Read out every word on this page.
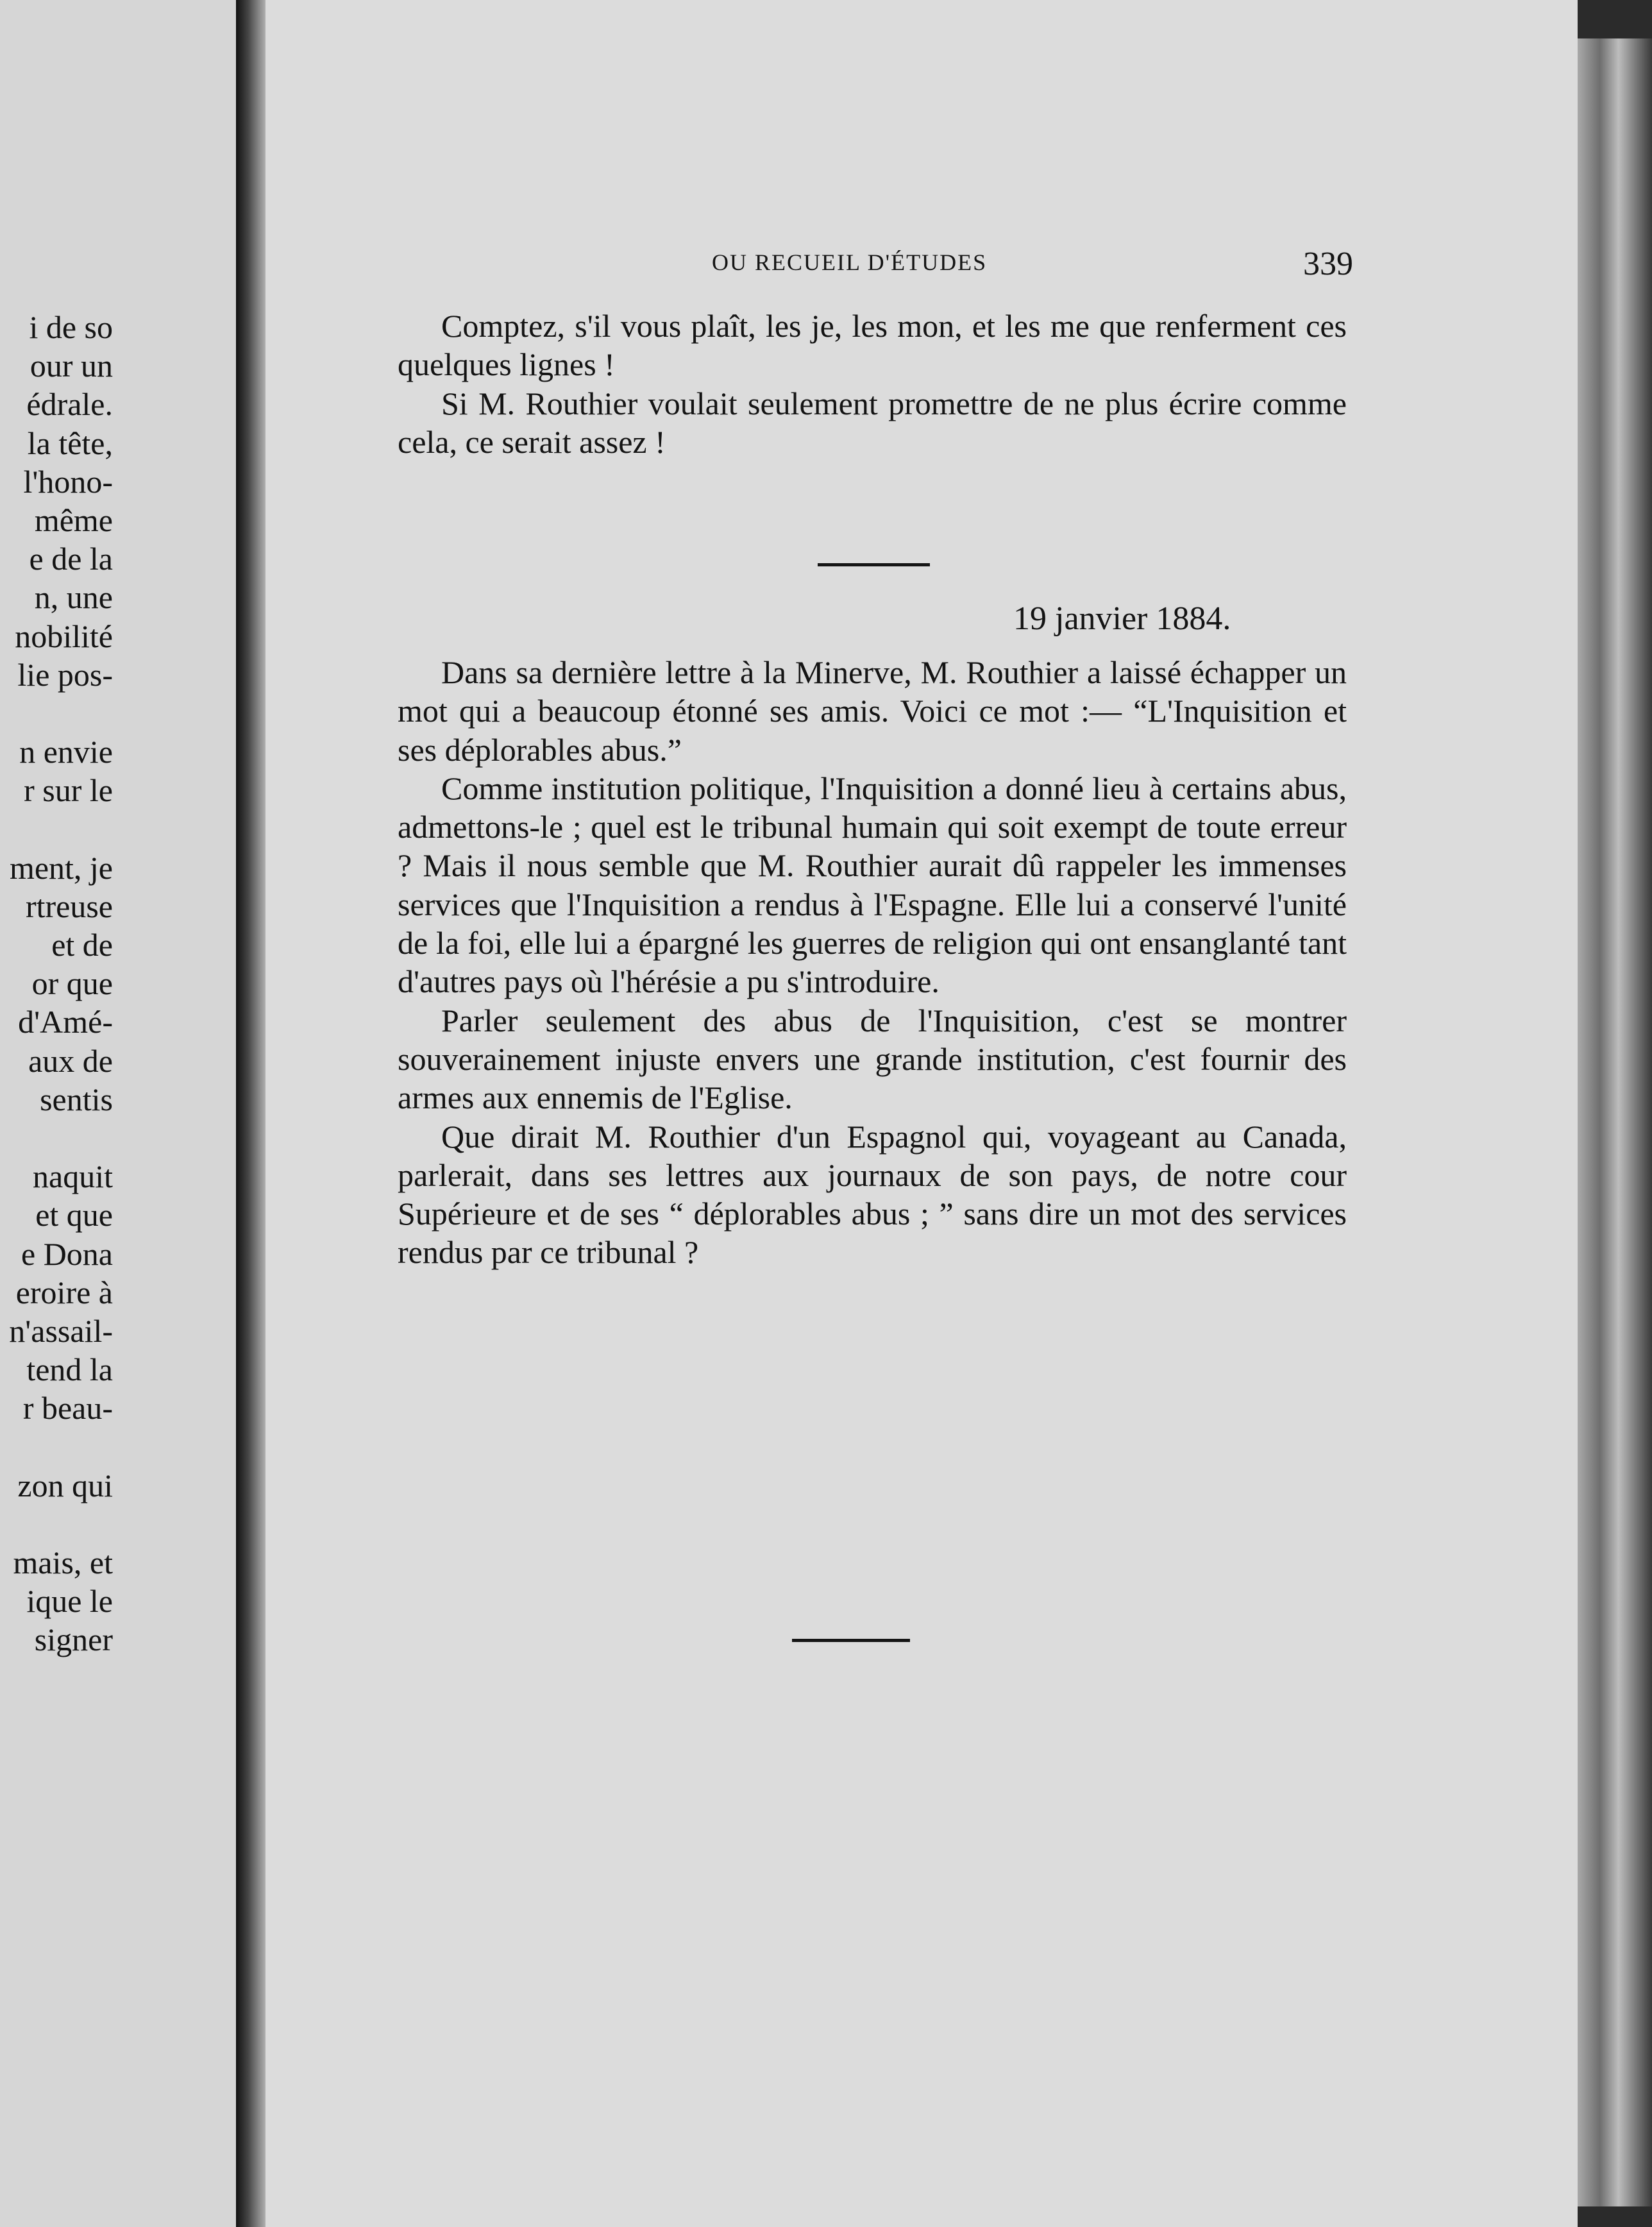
i de so
our un
édrale.
la tête,
l'hono-
même
e de la
n, une
nobilité
lie pos-
n envie
r sur le
ment, je
rtreuse
et de
or que
d'Amé-
aux de
sentis
naquit
et que
e Dona
eroire à
n'assail-
tend la
r beau-
zon qui
mais, et
ique le
signer
OU RECUEIL D'ÉTUDES	339

Comptez, s'il vous plaît, les je, les mon, et les me que renferment ces quelques lignes !

Si M. Routhier voulait seulement promettre de ne plus écrire comme cela, ce serait assez !

19 janvier 1884.

Dans sa dernière lettre à la Minerve, M. Routhier a laissé échapper un mot qui a beaucoup étonné ses amis. Voici ce mot :— “L'Inquisition et ses déplorables abus.”

Comme institution politique, l'Inquisition a donné lieu à certains abus, admettons-le ; quel est le tribunal humain qui soit exempt de toute erreur ? Mais il nous semble que M. Routhier aurait dû rappeler les immenses services que l'Inquisition a rendus à l'Espagne. Elle lui a conservé l'unité de la foi, elle lui a épargné les guerres de religion qui ont ensanglanté tant d'autres pays où l'hérésie a pu s'introduire.

Parler seulement des abus de l'Inquisition, c'est se montrer souverainement injuste envers une grande institution, c'est fournir des armes aux ennemis de l'Eglise.

Que dirait M. Routhier d'un Espagnol qui, voyageant au Canada, parlerait, dans ses lettres aux journaux de son pays, de notre cour Supérieure et de ses “ déplorables abus ; ” sans dire un mot des services rendus par ce tribunal ?
